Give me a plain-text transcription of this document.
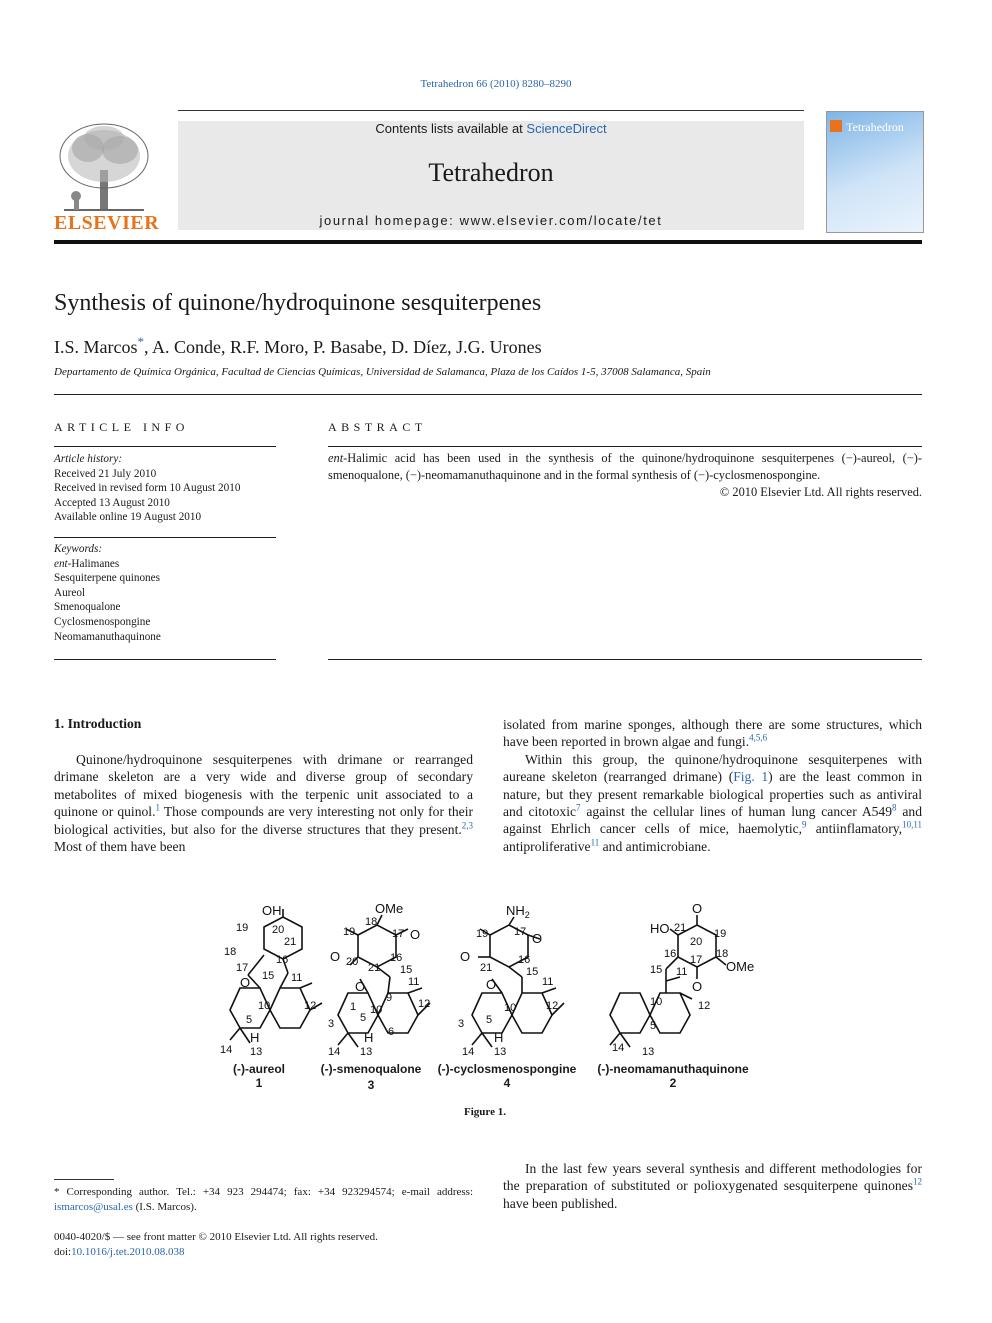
Tetrahedron 66 (2010) 8280–8290
ELSEVIER
Contents lists available at ScienceDirect
Tetrahedron
journal homepage: www.elsevier.com/locate/tet
Tetrahedron
Synthesis of quinone/hydroquinone sesquiterpenes
I.S. Marcos*, A. Conde, R.F. Moro, P. Basabe, D. Díez, J.G. Urones
Departamento de Química Orgánica, Facultad de Ciencias Químicas, Universidad de Salamanca, Plaza de los Caídos 1-5, 37008 Salamanca, Spain
ARTICLE INFO
Article history:
Received 21 July 2010
Received in revised form 10 August 2010
Accepted 13 August 2010
Available online 19 August 2010
Keywords:
ent-Halimanes
Sesquiterpene quinones
Aureol
Smenoqualone
Cyclosmenospongine
Neomamanuthaquinone
ABSTRACT
ent-Halimic acid has been used in the synthesis of the quinone/hydroquinone sesquiterpenes (−)-aureol, (−)-smenoqualone, (−)-neomamanuthaquinone and in the formal synthesis of (−)-cyclosmenospongine.
© 2010 Elsevier Ltd. All rights reserved.
1. Introduction

Quinone/hydroquinone sesquiterpenes with drimane or rearranged drimane skeleton are a very wide and diverse group of secondary metabolites of mixed biogenesis with the terpenic unit associated to a quinone or quinol.$^1$ Those compounds are very interesting not only for their biological activities, but also for the diverse structures that they present.$^{2,3}$ Most of them have been

isolated from marine sponges, although there are some structures, which have been reported in brown algae and fungi.$^{4,5,6}$

Within this group, the quinone/hydroquinone sesquiterpenes with aureane skeleton (rearranged drimane) (Fig. 1) are the least common in nature, but they present remarkable biological properties such as antiviral and citotoxic$^7$ against the cellular lines of human lung cancer $A549^8$ and against Ehrlich cancer cells of mice, haemolytic,$^9$ antiinflamatory,$^{10,11}$ antiproliferative$^{11}$ and antimicrobiane.

OH
19 20
21
18
16
17
15 11
O
10	12
5
H
14 13
OMe
O
O
18
19	17
16
20 21 15
11
O
9
1 10	12
3 5
6
H
14 13
$NH_2$
O
O
19 17
16
21	15
11
O
10	12
3 5
H
14 13
HO
O
O
OMe
21
20
19
18
16 17
15 11
10	12
5
14 13
(-)-aureol
1
(-)-smenoqualone
3
(-)-cyclosmenospongine
4
(-)-neomamanuthaquinone
2
Figure 1.
* Corresponding author. Tel.: +34 923 294474; fax: +34 923294574; e-mail address: ismarcos@usal.es (I.S. Marcos).
0040-4020/$ — see front matter © 2010 Elsevier Ltd. All rights reserved.
doi:10.1016/j.tet.2010.08.038

In the last few years several synthesis and different methodologies for the preparation of substituted or polioxygenated sesquiterpene quinones$^{12}$ have been published.
